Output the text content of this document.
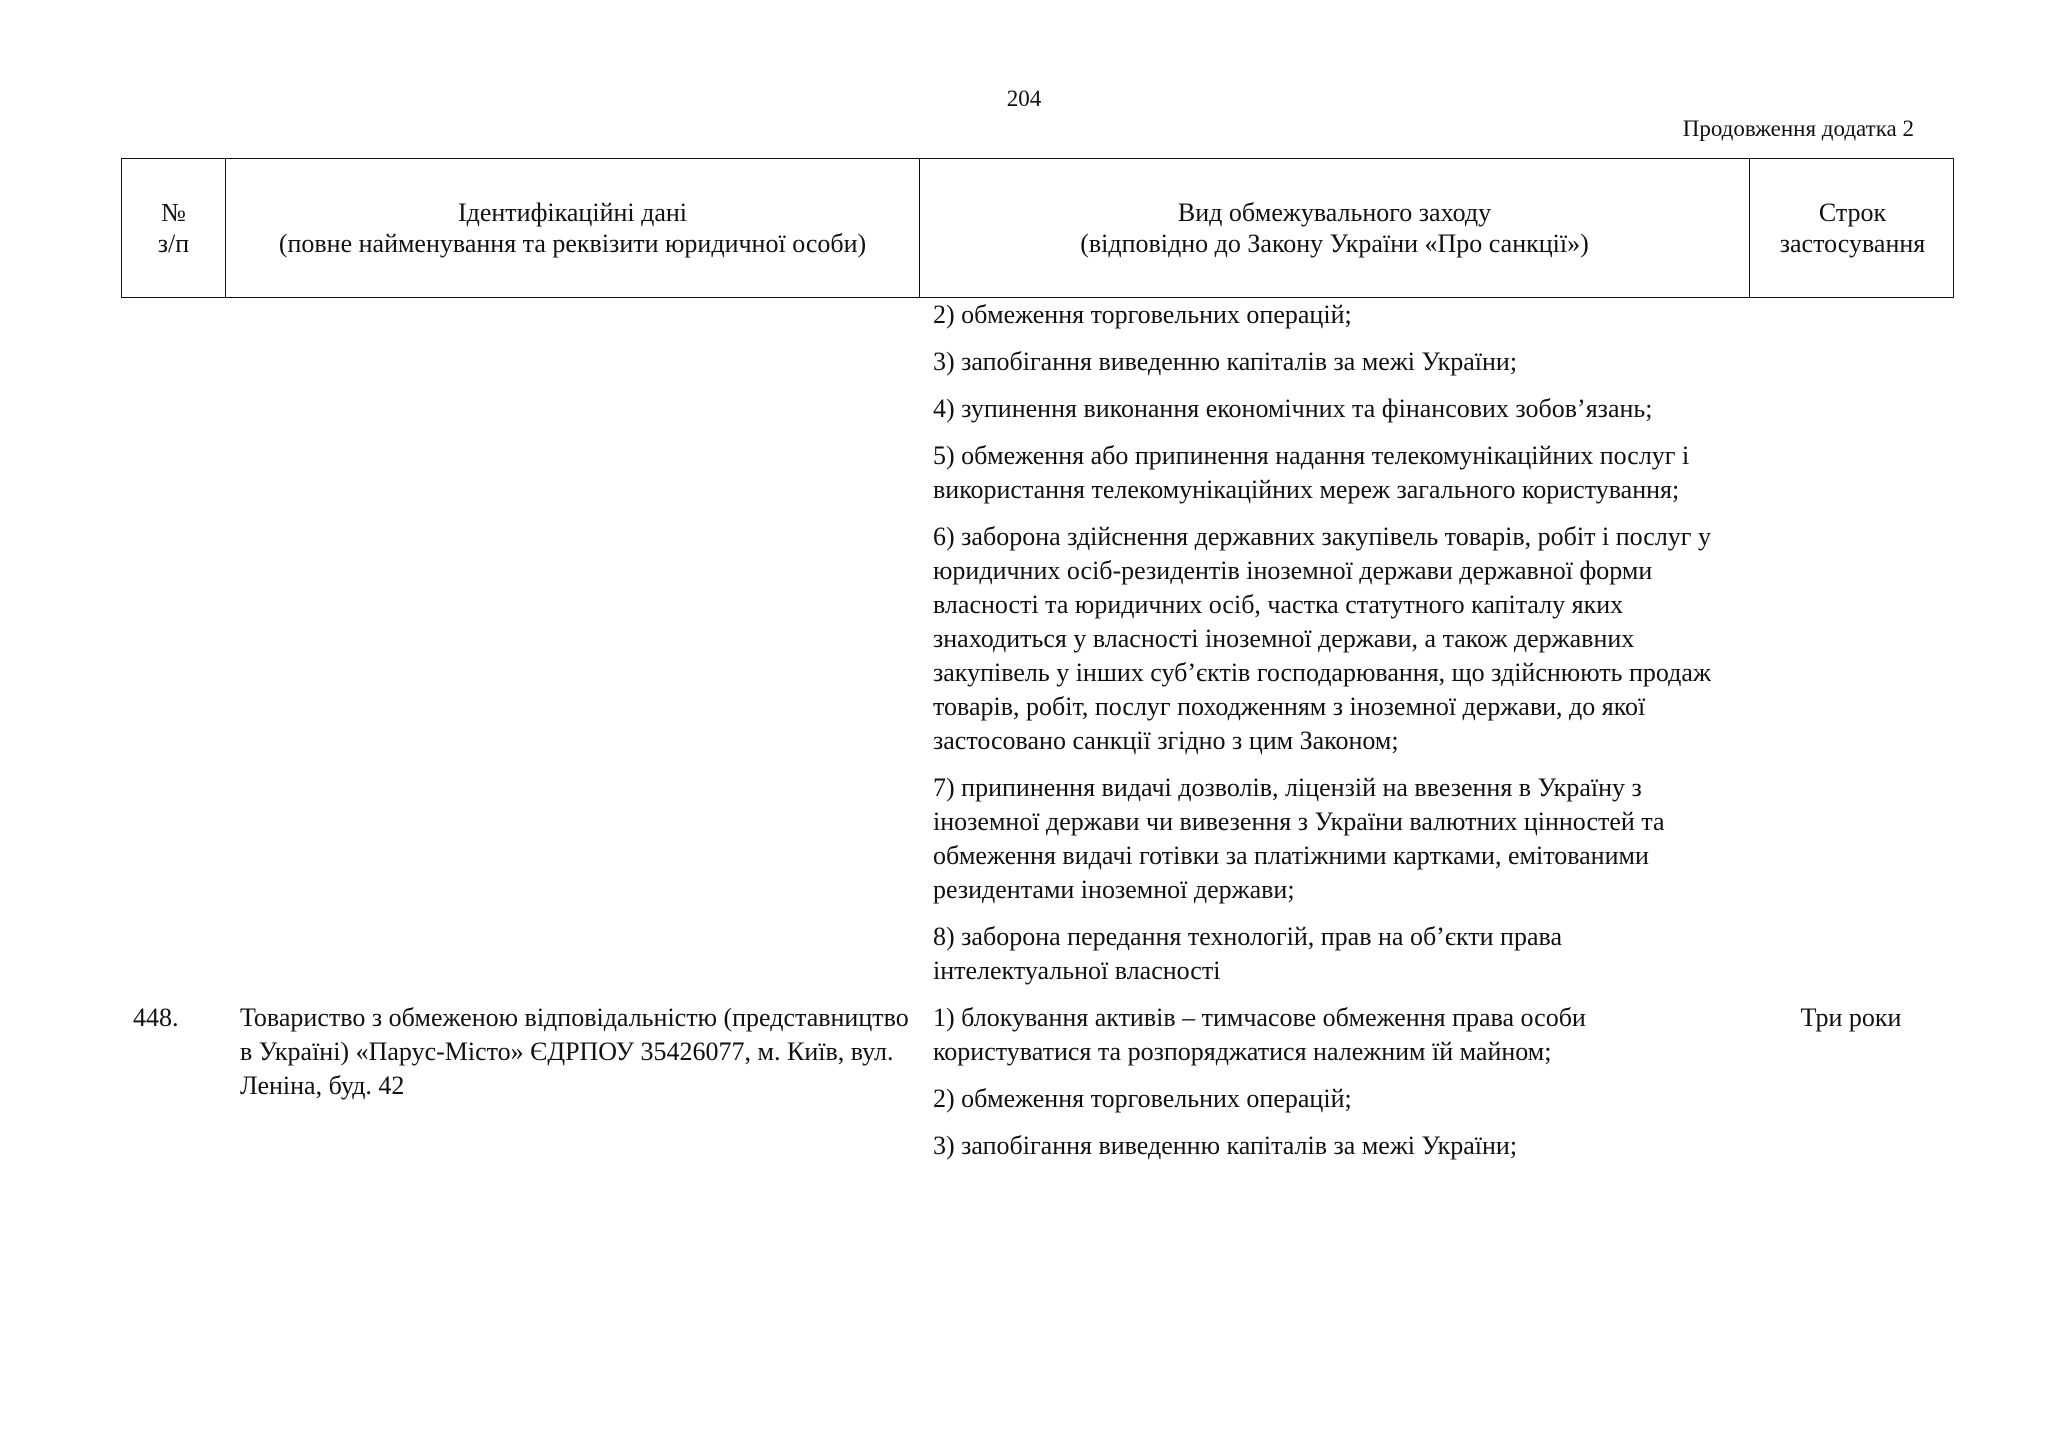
204
Продовження додатка 2
№
з/п
Ідентифікаційні дані
(повне найменування та реквізити юридичної особи)
Вид обмежувального заходу
(відповідно до Закону України «Про санкції»)
Строк
застосування

2) обмеження торговельних операцій;

3) запобігання виведенню капіталів за межі України;

4) зупинення виконання економічних та фінансових зобов’язань;

5) обмеження або припинення надання телекомунікаційних послуг і використання телекомунікаційних мереж загального користування;

6) заборона здійснення державних закупівель товарів, робіт і послуг у юридичних осіб-резидентів іноземної держави державної форми власності та юридичних осіб, частка статутного капіталу яких знаходиться у власності іноземної держави, а також державних закупівель у інших суб’єктів господарювання, що здійснюють продаж товарів, робіт, послуг походженням з іноземної держави, до якої застосовано санкції згідно з цим Законом;

7) припинення видачі дозволів, ліцензій на ввезення в Україну з іноземної держави чи вивезення з України валютних цінностей та обмеження видачі готівки за платіжними картками, емітованими резидентами іноземної держави;

8) заборона передання технологій, прав на об’єкти права інтелектуальної власності

448.	Товариство з обмеженою відповідальністю (представництво в Україні) «Парус-Місто» ЄДРПОУ 35426077, м. Київ, вул. Леніна, буд. 42

1) блокування активів – тимчасове обмеження права особи користуватися та розпоряджатися належним їй майном;

2) обмеження торговельних операцій;

3) запобігання виведенню капіталів за межі України;

Три роки
